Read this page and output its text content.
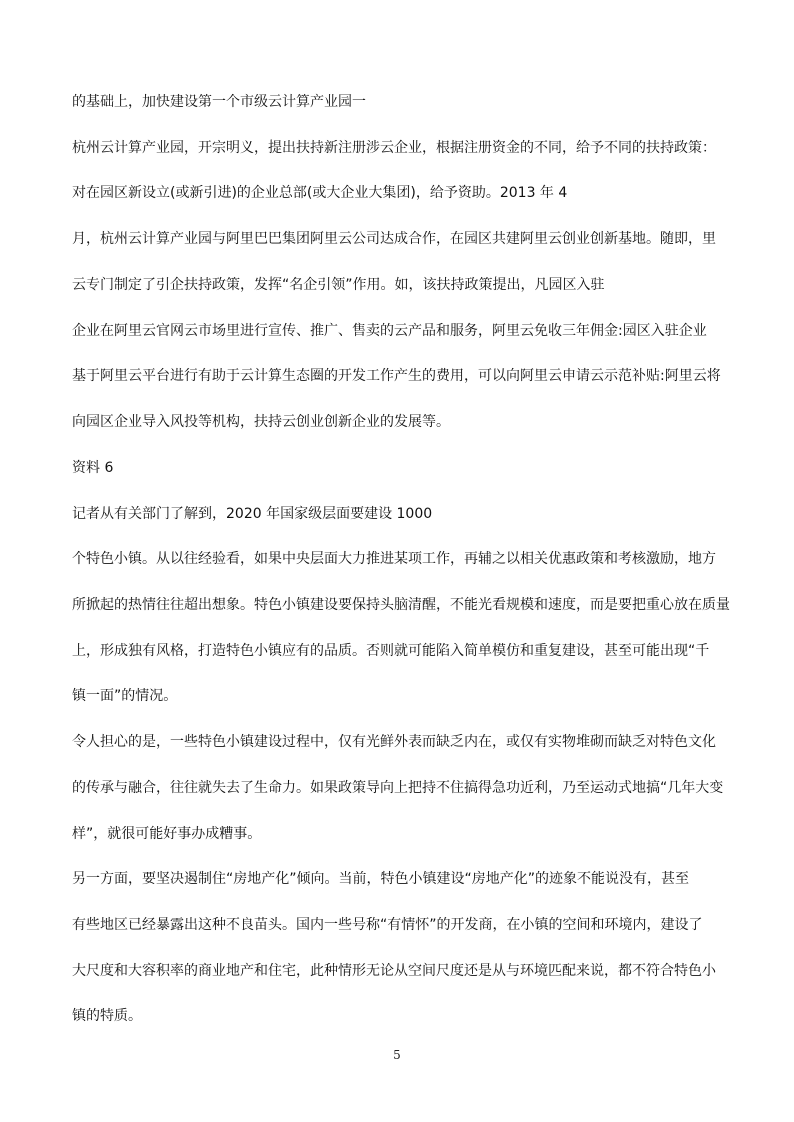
的基础上，加快建设第一个市级云计算产业园一

杭州云计算产业园，开宗明义，提出扶持新注册涉云企业，根据注册资金的不同，给予不同的扶持政策：

对在园区新设立(或新引进)的企业总部(或大企业大集团)，给予资助。2013 年 4

月，杭州云计算产业园与阿里巴巴集团阿里云公司达成合作，在园区共建阿里云创业创新基地。随即，里

云专门制定了引企扶持政策，发挥“名企引领”作用。如，该扶持政策提出，凡园区入驻

企业在阿里云官网云市场里进行宣传、推广、售卖的云产品和服务，阿里云免收三年佣金:园区入驻企业

基于阿里云平台进行有助于云计算生态圈的开发工作产生的费用，可以向阿里云申请云示范补贴:阿里云将

向园区企业导入风投等机构，扶持云创业创新企业的发展等。

资料 6

记者从有关部门了解到，2020 年国家级层面要建设 1000

个特色小镇。从以往经验看，如果中央层面大力推进某项工作，再辅之以相关优惠政策和考核激励，地方

所掀起的热情往往超出想象。特色小镇建设要保持头脑清醒，不能光看规模和速度，而是要把重心放在质量

上，形成独有风格，打造特色小镇应有的品质。否则就可能陷入简单模仿和重复建设，甚至可能出现“千

镇一面”的情况。

令人担心的是，一些特色小镇建设过程中，仅有光鲜外表而缺乏内在，或仅有实物堆砌而缺乏对特色文化

的传承与融合，往往就失去了生命力。如果政策导向上把持不住搞得急功近利，乃至运动式地搞“几年大变

样”，就很可能好事办成糟事。

另一方面，要坚决遏制住“房地产化”倾向。当前，特色小镇建设“房地产化”的迹象不能说没有，甚至

有些地区已经暴露出这种不良苗头。国内一些号称“有情怀”的开发商，在小镇的空间和环境内，建设了

大尺度和大容积率的商业地产和住宅，此种情形无论从空间尺度还是从与环境匹配来说，都不符合特色小

镇的特质。

5
